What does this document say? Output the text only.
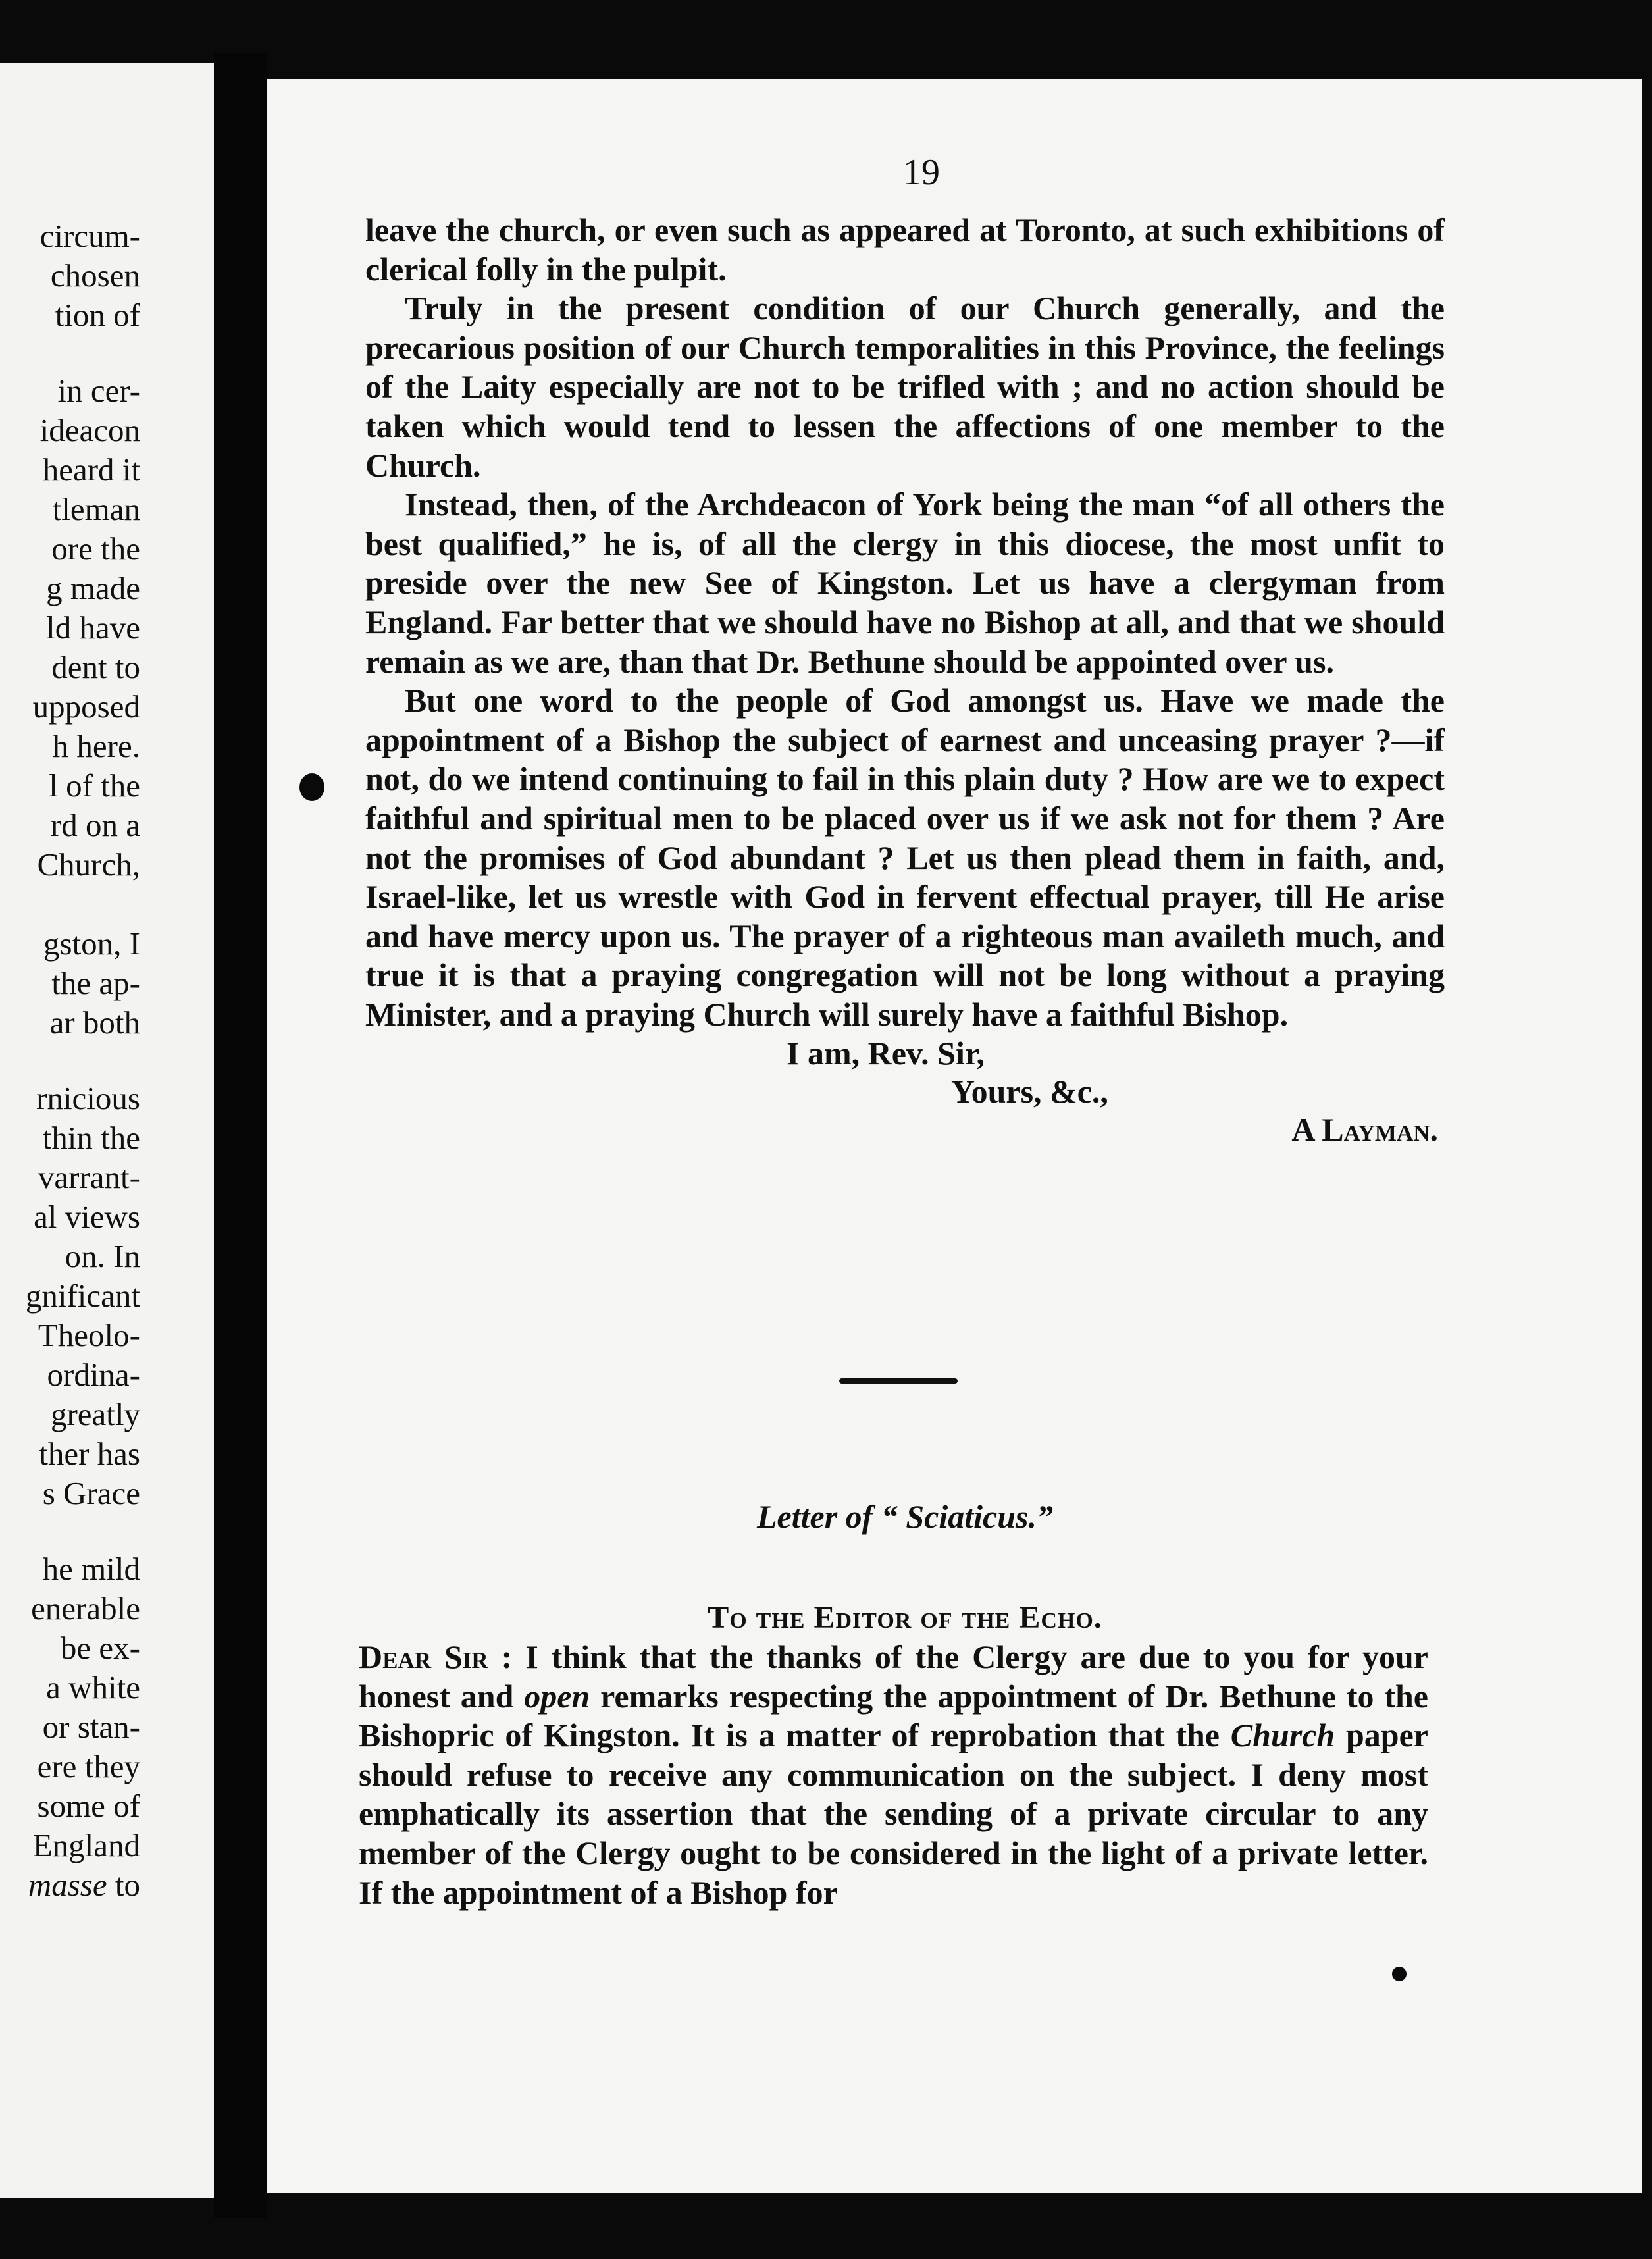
circum-
chosen
tion of
in cer-
ideacon
heard it
tleman
ore the
g made
ld have
dent to
upposed
h here.
l of the
rd on a
Church,
gston, I
the ap-
ar both
rnicious
thin the
varrant-
al views
on. In
gnificant
Theolo-
ordina-
greatly
ther has
s Grace
he mild
enerable
be ex-
a white
or stan-
ere they
some of
England
masse to
19

leave the church, or even such as appeared at Toronto, at such exhibitions of clerical folly in the pulpit.

Truly in the present condition of our Church generally, and the precarious position of our Church temporalities in this Province, the feelings of the Laity especially are not to be trifled with ; and no action should be taken which would tend to lessen the affections of one member to the Church.

Instead, then, of the Archdeacon of York being the man “of all others the best qualified,” he is, of all the clergy in this diocese, the most unfit to preside over the new See of Kingston. Let us have a clergyman from England. Far better that we should have no Bishop at all, and that we should remain as we are, than that Dr. Bethune should be appointed over us.

But one word to the people of God amongst us. Have we made the appointment of a Bishop the subject of earnest and unceasing prayer ?—if not, do we intend continuing to fail in this plain duty ? How are we to expect faithful and spiritual men to be placed over us if we ask not for them ? Are not the promises of God abundant ? Let us then plead them in faith, and, Israel-like, let us wrestle with God in fervent effectual prayer, till He arise and have mercy upon us. The prayer of a righteous man availeth much, and true it is that a praying congregation will not be long without a praying Minister, and a praying Church will surely have a faithful Bishop.

I am, Rev. Sir,
Yours, &c.,
A Layman.
Letter of “ Sciaticus.”
To the Editor of the Echo.
Dear Sir : I think that the thanks of the Clergy are due to you for your honest and open remarks respecting the appointment of Dr. Bethune to the Bishopric of Kingston. It is a matter of reprobation that the Church paper should refuse to receive any communication on the subject. I deny most emphatically its assertion that the sending of a private circular to any member of the Clergy ought to be considered in the light of a private letter. If the appointment of a Bishop for
